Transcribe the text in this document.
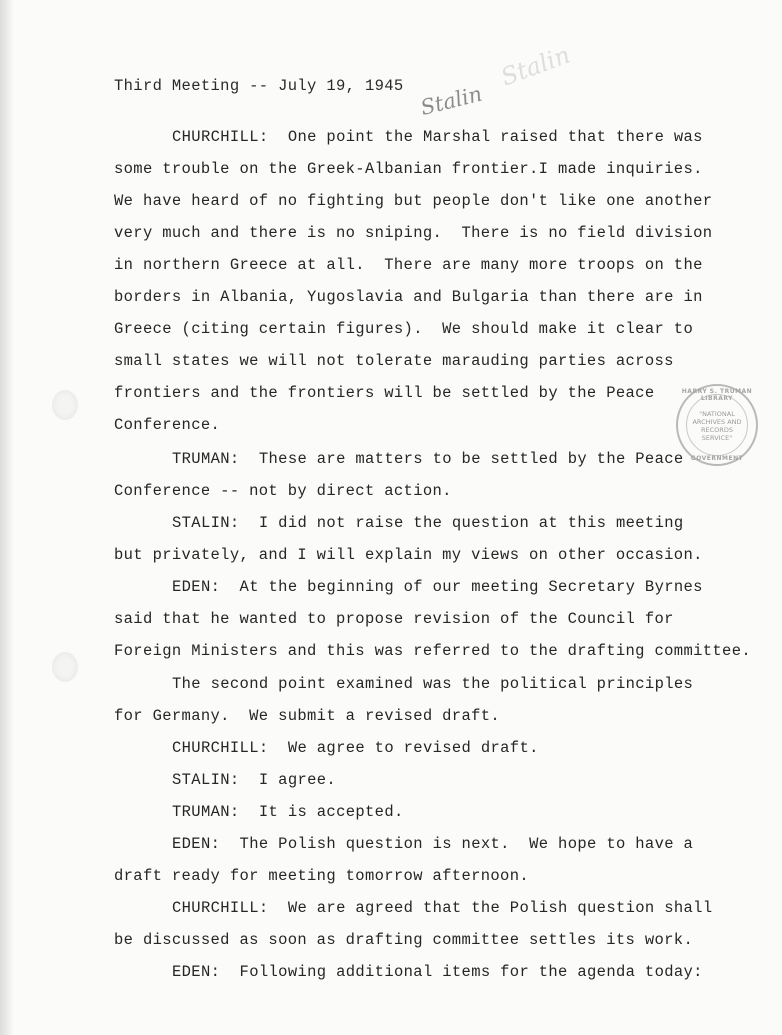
Stalin
Third Meeting -- July 19, 1945 Stalin
CHURCHILL:  One point the Marshal raised that there was
some trouble on the Greek-Albanian frontier.I made inquiries.
We have heard of no fighting but people don't like one another
very much and there is no sniping.  There is no field division
in northern Greece at all.  There are many more troops on the
borders in Albania, Yugoslavia and Bulgaria than there are in
Greece (citing certain figures).  We should make it clear to
small states we will not tolerate marauding parties across
frontiers and the frontiers will be settled by the Peace
Conference.
TRUMAN:  These are matters to be settled by the Peace
Conference -- not by direct action.
STALIN:  I did not raise the question at this meeting
but privately, and I will explain my views on other occasion.
EDEN:  At the beginning of our meeting Secretary Byrnes
said that he wanted to propose revision of the Council for
Foreign Ministers and this was referred to the drafting committee.
The second point examined was the political principles
for Germany.  We submit a revised draft.
CHURCHILL:  We agree to revised draft.
STALIN:  I agree.
TRUMAN:  It is accepted.
EDEN:  The Polish question is next.  We hope to have a
draft ready for meeting tomorrow afternoon.
CHURCHILL:  We are agreed that the Polish question shall
be discussed as soon as drafting committee settles its work.
EDEN:  Following additional items for the agenda today:
HARRY S. TRUMAN LIBRARY
"NATIONAL
ARCHIVES AND
RECORDS
SERVICE"
GOVERNMENT
